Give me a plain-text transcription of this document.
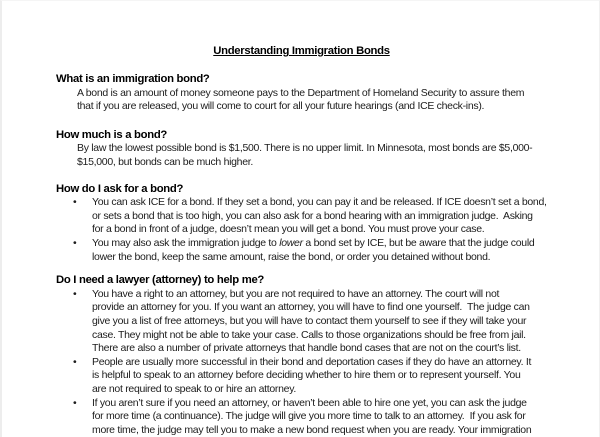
Understanding Immigration Bonds
What is an immigration bond?
A bond is an amount of money someone pays to the Department of Homeland Security to assure them
that if you are released, you will come to court for all your future hearings (and ICE check-ins).
How much is a bond?
By law the lowest possible bond is $1,500. There is no upper limit. In Minnesota, most bonds are $5,000-
$15,000, but bonds can be much higher.
How do I ask for a bond?
• You can ask ICE for a bond. If they set a bond, you can pay it and be released. If ICE doesn’t set a bond,
or sets a bond that is too high, you can also ask for a bond hearing with an immigration judge.  Asking
for a bond in front of a judge, doesn’t mean you will get a bond. You must prove your case.
• You may also ask the immigration judge to lower a bond set by ICE, but be aware that the judge could
lower the bond, keep the same amount, raise the bond, or order you detained without bond.
Do I need a lawyer (attorney) to help me?
• You have a right to an attorney, but you are not required to have an attorney. The court will not
provide an attorney for you. If you want an attorney, you will have to find one yourself.  The judge can
give you a list of free attorneys, but you will have to contact them yourself to see if they will take your
case. They might not be able to take your case. Calls to those organizations should be free from jail.
There are also a number of private attorneys that handle bond cases that are not on the court’s list.
• People are usually more successful in their bond and deportation cases if they do have an attorney. It
is helpful to speak to an attorney before deciding whether to hire them or to represent yourself. You
are not required to speak to or hire an attorney.
• If you aren’t sure if you need an attorney, or haven’t been able to hire one yet, you can ask the judge
for more time (a continuance). The judge will give you more time to talk to an attorney.  If you ask for
more time, the judge may tell you to make a new bond request when you are ready. Your immigration
